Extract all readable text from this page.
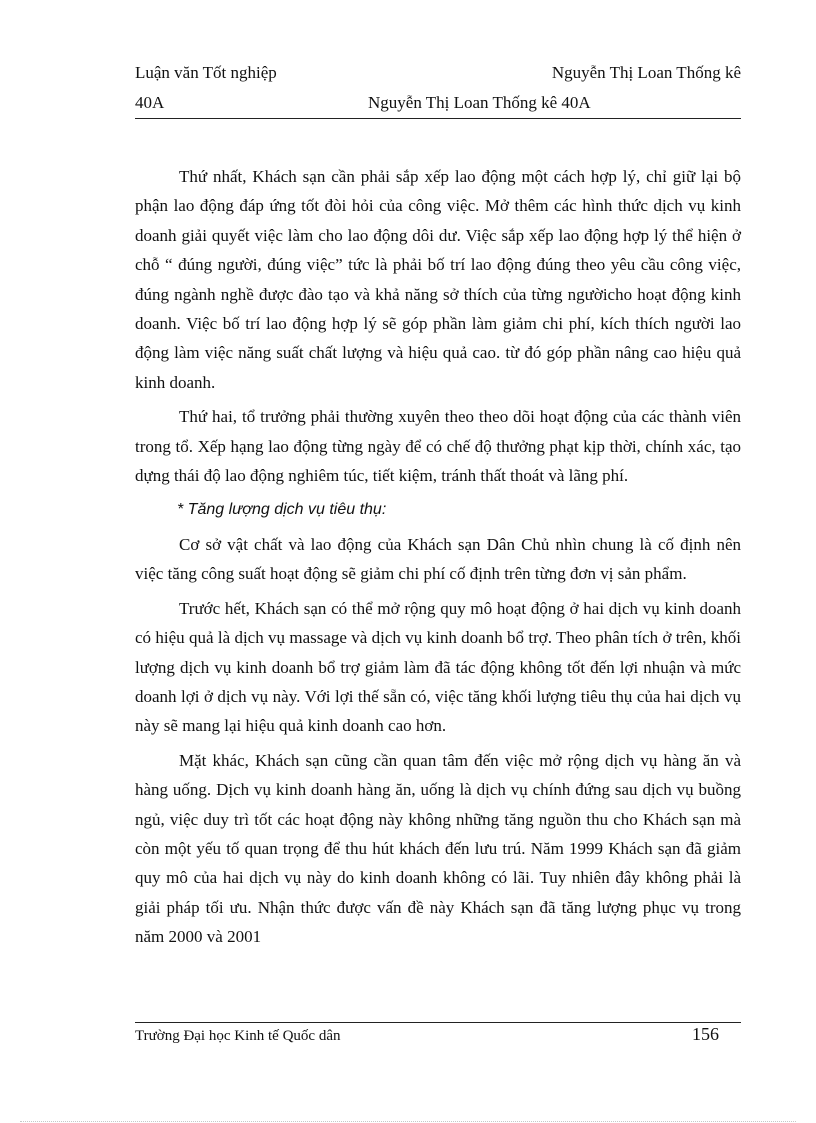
Luận văn Tốt nghiệp	Nguyễn Thị Loan Thống kê
40A	Nguyễn Thị Loan Thống kê 40A

Thứ nhất, Khách sạn cần phải sắp xếp lao động một cách hợp lý, chỉ giữ lại bộ phận lao động đáp ứng tốt đòi hỏi của công việc. Mở thêm các hình thức dịch vụ kinh doanh giải quyết việc làm cho lao động dôi dư. Việc sắp xếp lao động hợp lý thể hiện ở chỗ “ đúng người, đúng việc” tức là phải bố trí lao động đúng theo yêu cầu công việc, đúng ngành nghề được đào tạo và khả năng sở thích của từng ngườicho hoạt động kinh doanh. Việc bố trí lao động hợp lý sẽ góp phần làm giảm chi phí, kích thích người lao động làm việc năng suất chất lượng và hiệu quả cao. từ đó góp phần nâng cao hiệu quả kinh doanh.

Thứ hai, tổ trưởng phải thường xuyên theo theo dõi hoạt động của các thành viên trong tổ. Xếp hạng lao động từng ngày để có chế độ thưởng phạt kịp thời, chính xác, tạo dựng thái độ lao động nghiêm túc, tiết kiệm, tránh thất thoát và lãng phí.

* Tăng lượng dịch vụ tiêu thụ:

Cơ sở vật chất và lao động của Khách sạn Dân Chủ nhìn chung là cố định nên việc tăng công suất hoạt động sẽ giảm chi phí cố định trên từng đơn vị sản phẩm.

Trước hết, Khách sạn có thể mở rộng quy mô hoạt động ở hai dịch vụ kinh doanh có hiệu quả là dịch vụ massage và dịch vụ kinh doanh bổ trợ. Theo phân tích ở trên, khối lượng dịch vụ kinh doanh bổ trợ giảm làm đã tác động không tốt đến lợi nhuận và mức doanh lợi ở dịch vụ này. Với lợi thế sẵn có, việc tăng khối lượng tiêu thụ của hai dịch vụ này sẽ mang lại hiệu quả kinh doanh cao hơn.

Mặt khác, Khách sạn cũng cần quan tâm đến việc mở rộng dịch vụ hàng ăn và hàng uống. Dịch vụ kinh doanh hàng ăn, uống là dịch vụ chính đứng sau dịch vụ buồng ngủ, việc duy trì tốt các hoạt động này không những tăng nguồn thu cho Khách sạn mà còn một yếu tố quan trọng để thu hút khách đến lưu trú. Năm 1999 Khách sạn đã giảm quy mô của hai dịch vụ này do kinh doanh không có lãi. Tuy nhiên đây không phải là giải pháp tối ưu. Nhận thức được vấn đề này Khách sạn đã tăng lượng phục vụ trong năm 2000 và 2001

Trường Đại học Kinh tế Quốc dân	156
